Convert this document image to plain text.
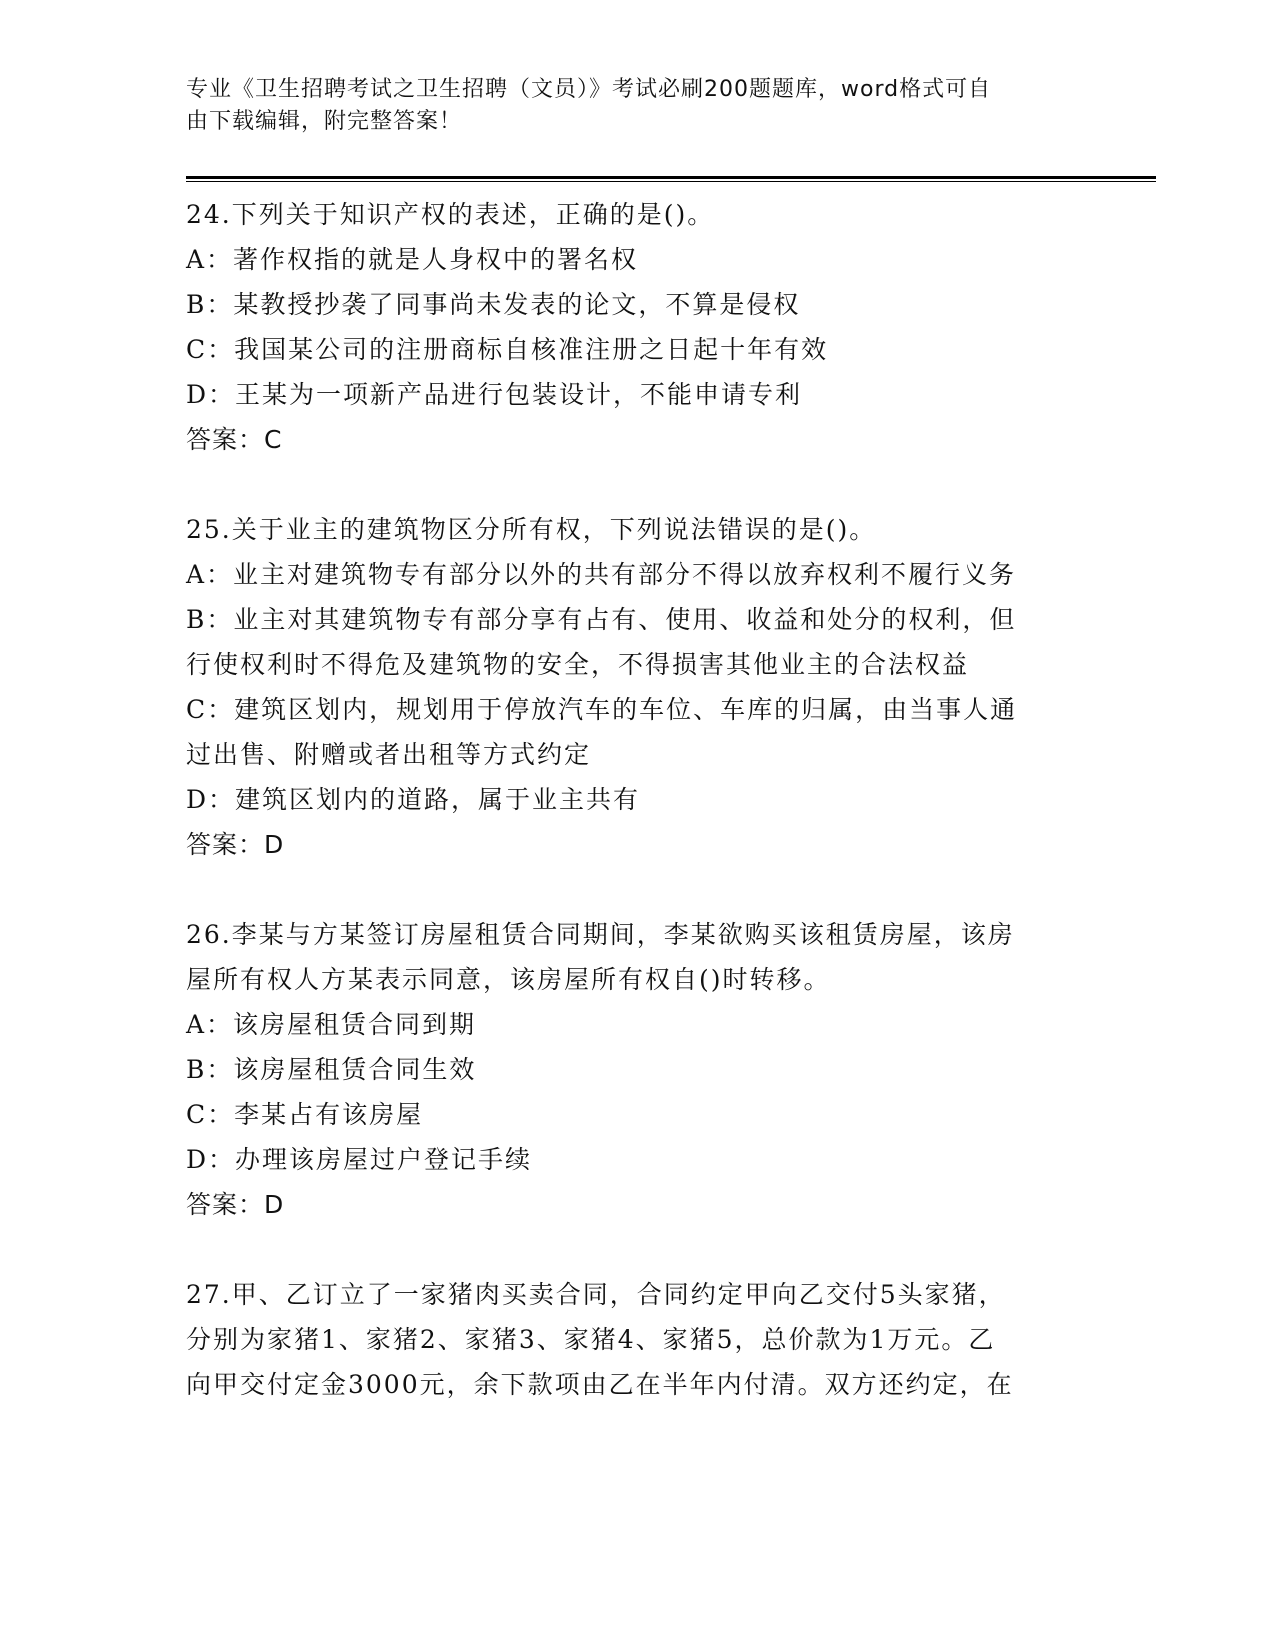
专业《卫生招聘考试之卫生招聘（文员）》考试必刷200题题库，word格式可自
由下载编辑，附完整答案！
24.下列关于知识产权的表述，正确的是()。
A：著作权指的就是人身权中的署名权
B：某教授抄袭了同事尚未发表的论文，不算是侵权
C：我国某公司的注册商标自核准注册之日起十年有效
D：王某为一项新产品进行包装设计，不能申请专利
答案：C
25.关于业主的建筑物区分所有权，下列说法错误的是()。
A：业主对建筑物专有部分以外的共有部分不得以放弃权利不履行义务
B：业主对其建筑物专有部分享有占有、使用、收益和处分的权利，但
行使权利时不得危及建筑物的安全，不得损害其他业主的合法权益
C：建筑区划内，规划用于停放汽车的车位、车库的归属，由当事人通
过出售、附赠或者出租等方式约定
D：建筑区划内的道路，属于业主共有
答案：D
26.李某与方某签订房屋租赁合同期间，李某欲购买该租赁房屋，该房
屋所有权人方某表示同意，该房屋所有权自()时转移。
A：该房屋租赁合同到期
B：该房屋租赁合同生效
C：李某占有该房屋
D：办理该房屋过户登记手续
答案：D
27.甲、乙订立了一家猪肉买卖合同，合同约定甲向乙交付5头家猪，
分别为家猪1、家猪2、家猪3、家猪4、家猪5，总价款为1万元。乙
向甲交付定金3000元，余下款项由乙在半年内付清。双方还约定，在
